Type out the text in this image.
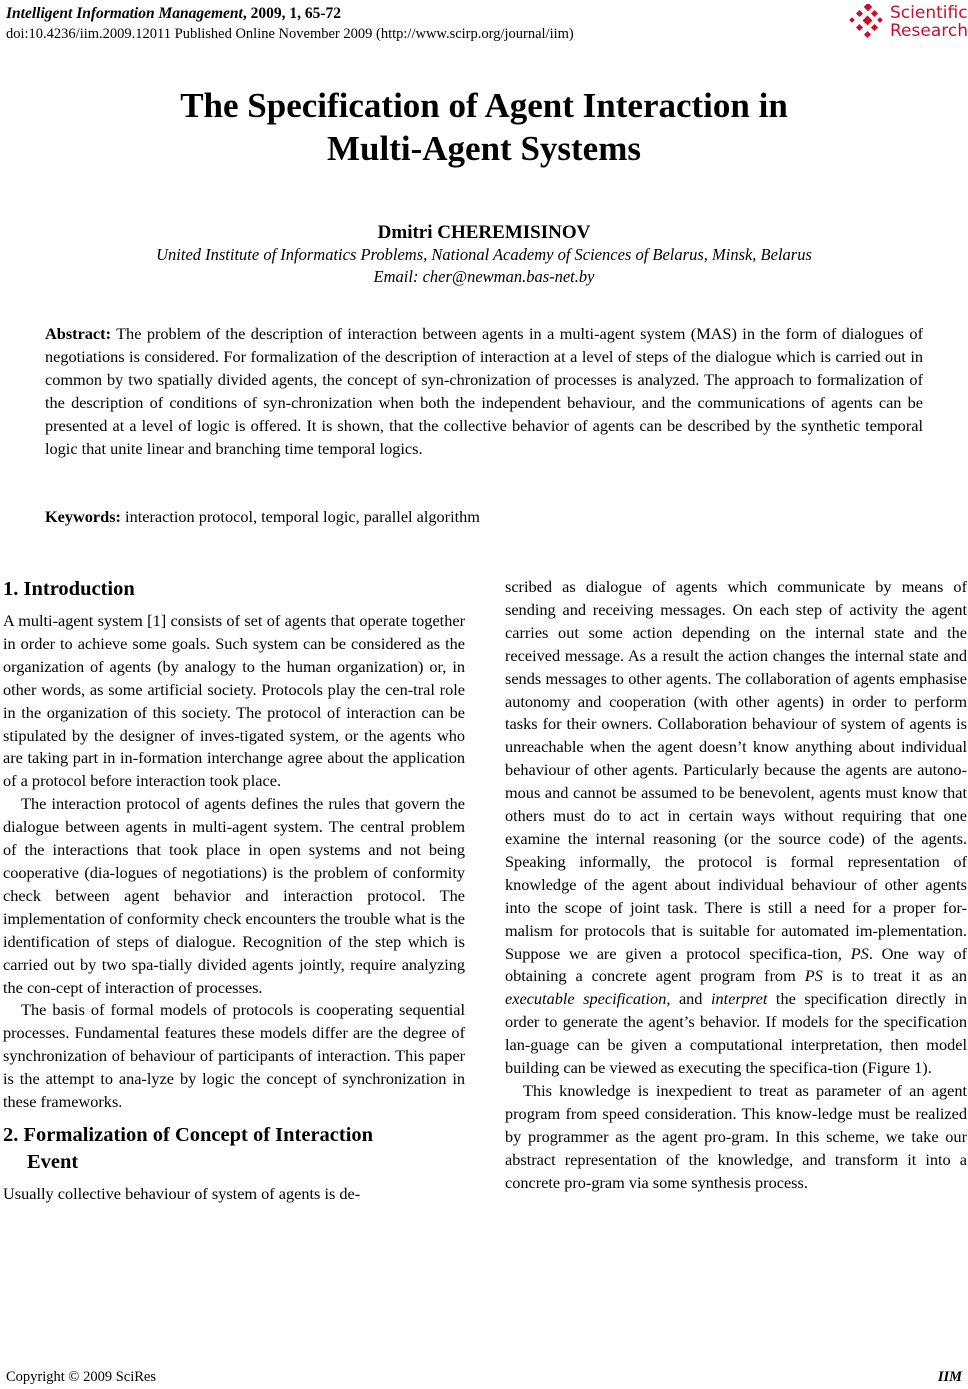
Intelligent Information Management, 2009, 1, 65-72
doi:10.4236/iim.2009.12011 Published Online November 2009 (http://www.scirp.org/journal/iim)
Scientific
Research
The Specification of Agent Interaction in
Multi-Agent Systems
Dmitri CHEREMISINOV
United Institute of Informatics Problems, National Academy of Sciences of Belarus, Minsk, Belarus
Email: cher@newman.bas-net.by

Abstract: The problem of the description of interaction between agents in a multi-agent system (MAS) in the form of dialogues of negotiations is considered. For formalization of the description of interaction at a level of steps of the dialogue which is carried out in common by two spatially divided agents, the concept of syn-chronization of processes is analyzed. The approach to formalization of the description of conditions of syn-chronization when both the independent behaviour, and the communications of agents can be presented at a level of logic is offered. It is shown, that the collective behavior of agents can be described by the synthetic temporal logic that unite linear and branching time temporal logics.

Keywords: interaction protocol, temporal logic, parallel algorithm
1. Introduction

A multi-agent system [1] consists of set of agents that operate together in order to achieve some goals. Such system can be considered as the organization of agents (by analogy to the human organization) or, in other words, as some artificial society. Protocols play the cen-tral role in the organization of this society. The protocol of interaction can be stipulated by the designer of inves-tigated system, or the agents who are taking part in in-formation interchange agree about the application of a protocol before interaction took place.

The interaction protocol of agents defines the rules that govern the dialogue between agents in multi-agent system. The central problem of the interactions that took place in open systems and not being cooperative (dia-logues of negotiations) is the problem of conformity check between agent behavior and interaction protocol. The implementation of conformity check encounters the trouble what is the identification of steps of dialogue. Recognition of the step which is carried out by two spa-tially divided agents jointly, require analyzing the con-cept of interaction of processes.

The basis of formal models of protocols is cooperating sequential processes. Fundamental features these models differ are the degree of synchronization of behaviour of participants of interaction. This paper is the attempt to ana-lyze by logic the concept of synchronization in these frameworks.

2. Formalization of Concept of Interaction
Event

Usually collective behaviour of system of agents is de-

scribed as dialogue of agents which communicate by means of sending and receiving messages. On each step of activity the agent carries out some action depending on the internal state and the received message. As a result the action changes the internal state and sends messages to other agents. The collaboration of agents emphasise autonomy and cooperation (with other agents) in order to perform tasks for their owners. Collaboration behaviour of system of agents is unreachable when the agent doesn’t know anything about individual behaviour of other agents. Particularly because the agents are autono-mous and cannot be assumed to be benevolent, agents must know that others must do to act in certain ways without requiring that one examine the internal reasoning (or the source code) of the agents. Speaking informally, the protocol is formal representation of knowledge of the agent about individual behaviour of other agents into the scope of joint task. There is still a need for a proper for-malism for protocols that is suitable for automated im-plementation. Suppose we are given a protocol specifica-tion, PS. One way of obtaining a concrete agent program from PS is to treat it as an executable specification, and interpret the specification directly in order to generate the agent’s behavior. If models for the specification lan-guage can be given a computational interpretation, then model building can be viewed as executing the specifica-tion (Figure 1).

This knowledge is inexpedient to treat as parameter of an agent program from speed consideration. This know-ledge must be realized by programmer as the agent pro-gram. In this scheme, we take our abstract representation of the knowledge, and transform it into a concrete pro-gram via some synthesis process.

Copyright © 2009 SciRes	IIM
